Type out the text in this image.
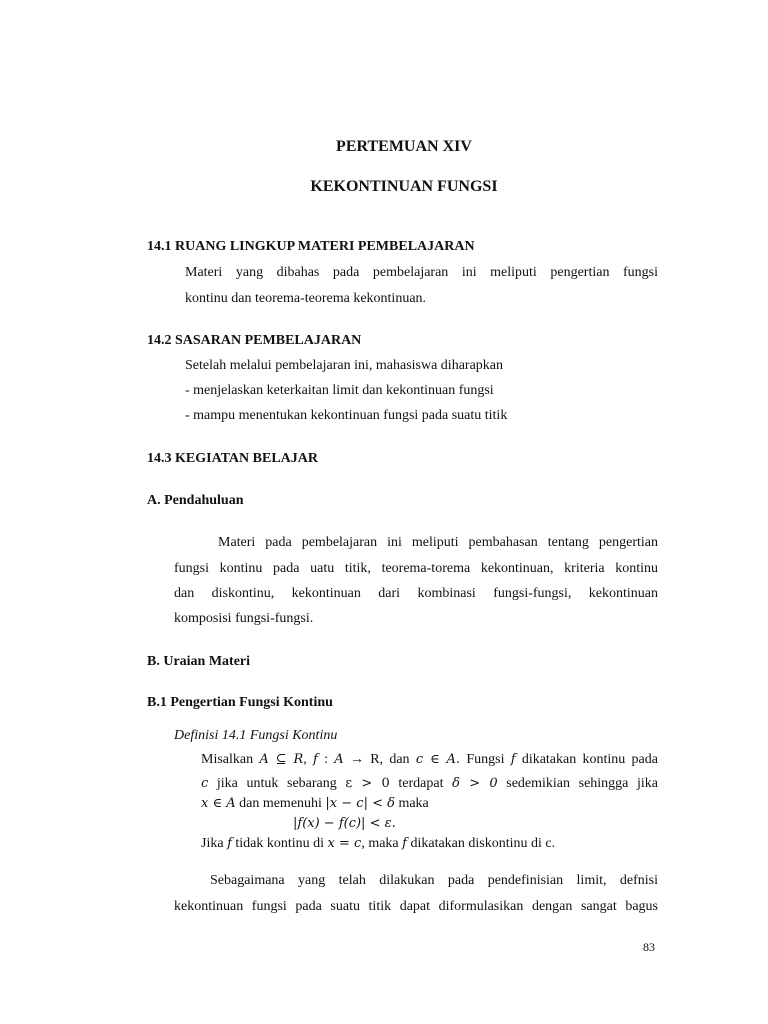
PERTEMUAN XIV
KEKONTINUAN FUNGSI
14.1 RUANG LINGKUP MATERI PEMBELAJARAN
Materi yang dibahas pada pembelajaran ini meliputi pengertian fungsi
kontinu dan teorema-teorema kekontinuan.
14.2 SASARAN PEMBELAJARAN
Setelah melalui pembelajaran ini, mahasiswa diharapkan
- menjelaskan keterkaitan limit dan kekontinuan fungsi
- mampu menentukan kekontinuan fungsi pada suatu titik
14.3 KEGIATAN BELAJAR
A. Pendahuluan
Materi pada pembelajaran ini meliputi pembahasan tentang pengertian
fungsi kontinu pada uatu titik, teorema-torema kekontinuan, kriteria kontinu
dan diskontinu, kekontinuan dari kombinasi fungsi-fungsi, kekontinuan
komposisi fungsi-fungsi.
B. Uraian Materi
B.1 Pengertian Fungsi Kontinu
Definisi 14.1 Fungsi Kontinu
Misalkan A ⊆ R, f : A → R, dan c ∈ A. Fungsi f dikatakan kontinu pada
c jika untuk sebarang ε > 0 terdapat δ > 0 sedemikian sehingga jika
x ∈ A dan memenuhi |x − c| < δ maka
|f(x) − f(c)| < ε.
Jika f tidak kontinu di x = c, maka f dikatakan diskontinu di c.
Sebagaimana yang telah dilakukan pada pendefinisian limit, defnisi
kekontinuan fungsi pada suatu titik dapat diformulasikan dengan sangat bagus
83
